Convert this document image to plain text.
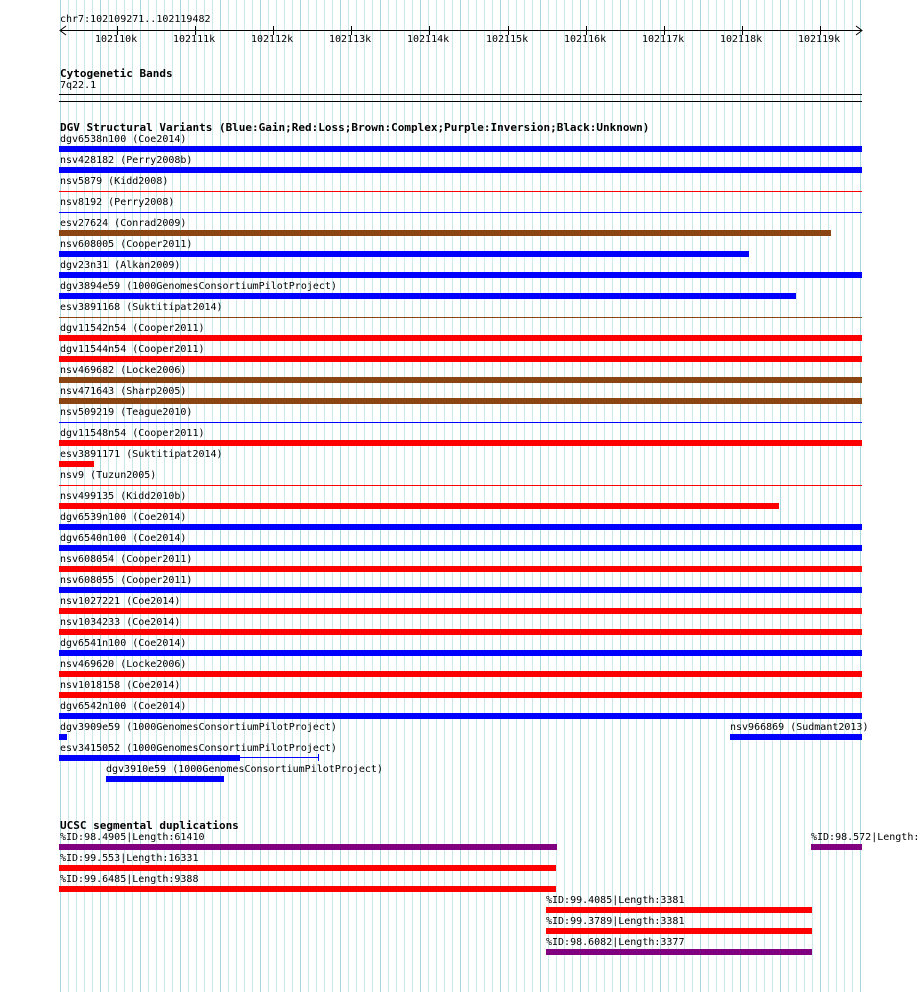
chr7:102109271..102119482
102110k	102111k	102112k	102113k	102114k	102115k	102116k	102117k	102118k	102119k
Cytogenetic Bands
7q22.1
DGV Structural Variants (Blue:Gain;Red:Loss;Brown:Complex;Purple:Inversion;Black:Unknown)
dgv6538n100 (Coe2014)
nsv428182 (Perry2008b)
nsv5879 (Kidd2008)
nsv8192 (Perry2008)
esv27624 (Conrad2009)
nsv608005 (Cooper2011)
dgv23n31 (Alkan2009)
dgv3894e59 (1000GenomesConsortiumPilotProject)
esv3891168 (Suktitipat2014)
dgv11542n54 (Cooper2011)
dgv11544n54 (Cooper2011)
nsv469682 (Locke2006)
nsv471643 (Sharp2005)
nsv509219 (Teague2010)
dgv11548n54 (Cooper2011)
esv3891171 (Suktitipat2014)
nsv9 (Tuzun2005)
nsv499135 (Kidd2010b)
dgv6539n100 (Coe2014)
dgv6540n100 (Coe2014)
nsv608054 (Cooper2011)
nsv608055 (Cooper2011)
nsv1027221 (Coe2014)
nsv1034233 (Coe2014)
dgv6541n100 (Coe2014)
nsv469620 (Locke2006)
nsv1018158 (Coe2014)
dgv6542n100 (Coe2014)
dgv3909e59 (1000GenomesConsortiumPilotProject)	nsv966869 (Sudmant2013)
esv3415052 (1000GenomesConsortiumPilotProject)
dgv3910e59 (1000GenomesConsortiumPilotProject)
UCSC segmental duplications
%ID:98.4905|Length:61410	%ID:98.572|Length:
%ID:99.553|Length:16331
%ID:99.6485|Length:9388
%ID:99.4085|Length:3381
%ID:99.3789|Length:3381
%ID:98.6082|Length:3377
